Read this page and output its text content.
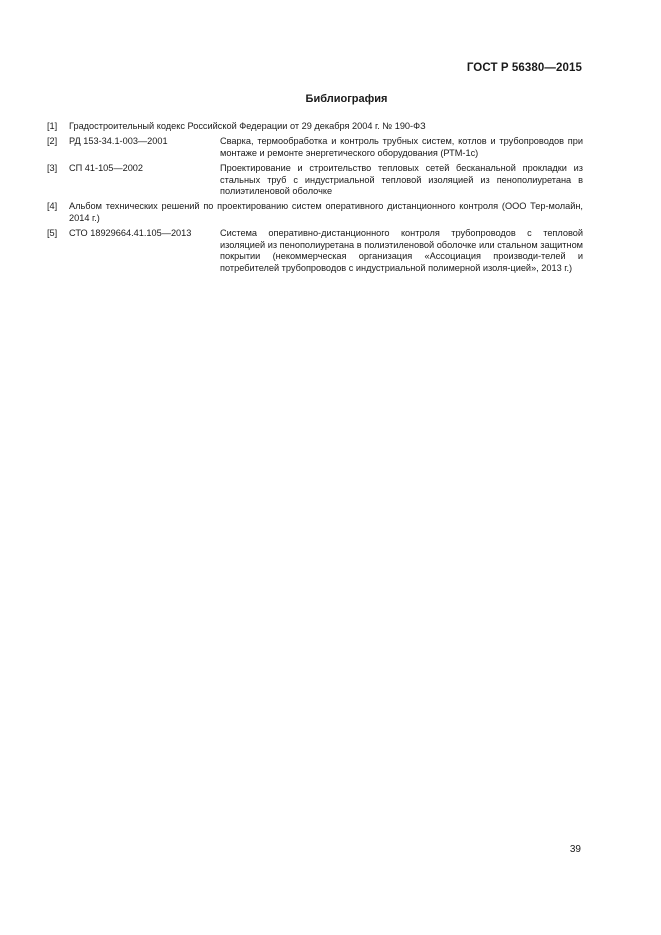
ГОСТ Р 56380—2015
Библиография
[1]	Градостроительный кодекс Российской Федерации от 29 декабря 2004 г. № 190-ФЗ
[2]	РД 153-34.1-003—2001	Сварка, термообработка и контроль трубных систем, котлов и трубопроводов при монтаже и ремонте энергетического оборудования (РТМ-1с)
[3]	СП 41-105—2002	Проектирование и строительство тепловых сетей бесканальной прокладки из стальных труб с индустриальной тепловой изоляцией из пенополиуретана в полиэтиленовой оболочке
[4]	Альбом технических решений по проектированию систем оперативного дистанционного контроля (ООО Тер-молайн, 2014 г.)
[5]	СТО 18929664.41.105—2013	Система оперативно-дистанционного контроля трубопроводов с тепловой изоляцией из пенополиуретана в полиэтиленовой оболочке или стальном защитном покрытии (некоммерческая организация «Ассоциация производи-телей и потребителей трубопроводов с индустриальной полимерной изоля-цией», 2013 г.)
39
